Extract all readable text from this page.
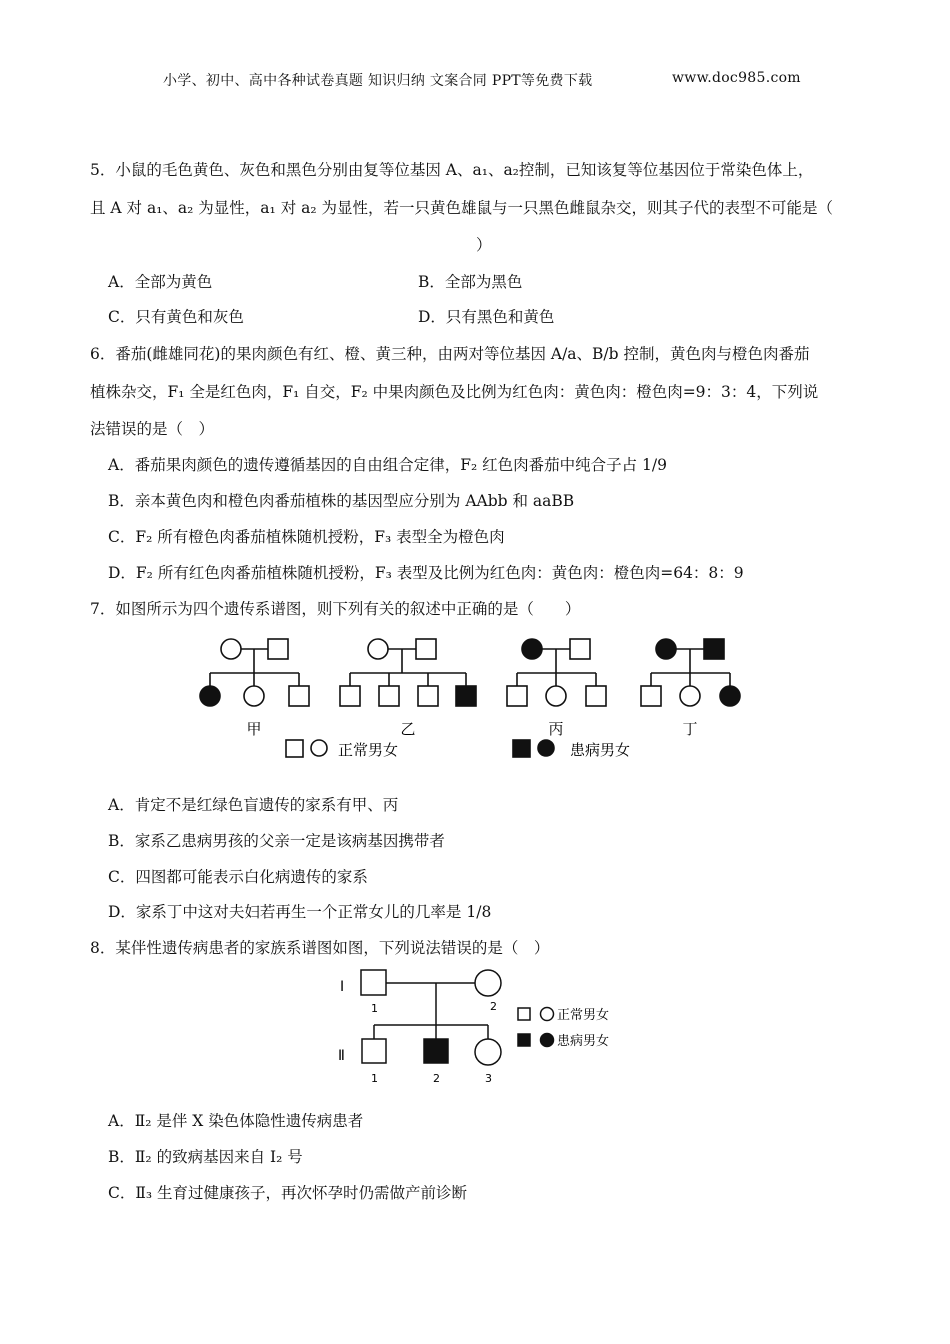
小学、初中、高中各种试卷真题 知识归纳 文案合同 PPT等免费下载	www.doc985.com
5．小鼠的毛色黄色、灰色和黑色分别由复等位基因 A、a₁、a₂控制，已知该复等位基因位于常染色体上，
且 A 对 a₁、a₂ 为显性，a₁ 对 a₂ 为显性，若一只黄色雄鼠与一只黑色雌鼠杂交，则其子代的表型不可能是（
）
A．全部为黄色	B．全部为黑色
C．只有黄色和灰色	D．只有黑色和黄色
6．番茄(雌雄同花)的果肉颜色有红、橙、黄三种，由两对等位基因 A/a、B/b 控制，黄色肉与橙色肉番茄
植株杂交，F₁ 全是红色肉，F₁ 自交，F₂ 中果肉颜色及比例为红色肉：黄色肉：橙色肉=9：3：4，下列说
法错误的是（　）
A．番茄果肉颜色的遗传遵循基因的自由组合定律，F₂ 红色肉番茄中纯合子占 1/9
B．亲本黄色肉和橙色肉番茄植株的基因型应分别为 AAbb 和 aaBB
C．F₂ 所有橙色肉番茄植株随机授粉，F₃ 表型全为橙色肉
D．F₂ 所有红色肉番茄植株随机授粉，F₃ 表型及比例为红色肉：黄色肉：橙色肉=64：8：9
7．如图所示为四个遗传系谱图，则下列有关的叙述中正确的是（　　）
甲	乙	丙	丁
正常男女	患病男女
A．肯定不是红绿色盲遗传的家系有甲、丙
B．家系乙患病男孩的父亲一定是该病基因携带者
C．四图都可能表示白化病遗传的家系
D．家系丁中这对夫妇若再生一个正常女儿的几率是 1/8
8．某伴性遗传病患者的家族系谱图如图，下列说法错误的是（　）
I
Ⅱ
1	2
1	2	3
正常男女
患病男女
A．Ⅱ₂ 是伴 X 染色体隐性遗传病患者
B．Ⅱ₂ 的致病基因来自 I₂ 号
C．Ⅱ₃ 生育过健康孩子，再次怀孕时仍需做产前诊断
